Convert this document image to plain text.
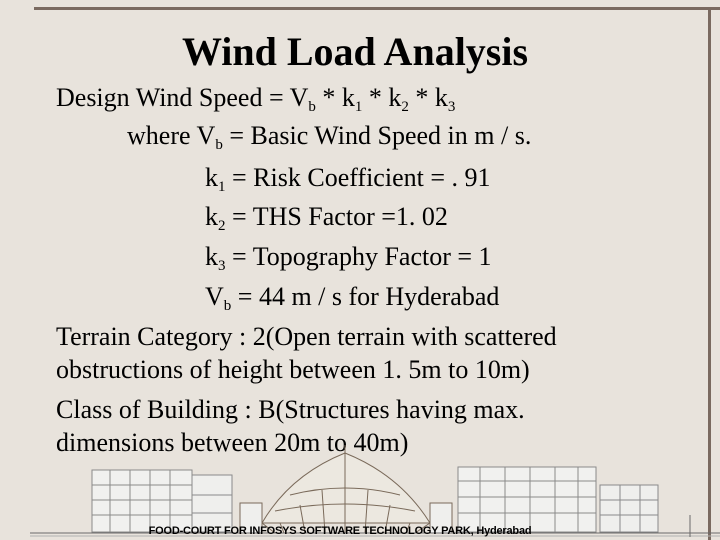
Wind Load Analysis
Design Wind Speed = $V_b * k_1 * k_2 * k_3$
where $V_b$ = Basic Wind Speed in m / s.
$k_1$ = Risk Coefficient = . 91
$k_2$ = THS Factor =1. 02
$k_3$ = Topography Factor = 1
$V_b = 44$ m / s for Hyderabad
Terrain Category : 2(Open terrain with scattered
obstructions of height between 1. 5m to 10m)
Class of Building : B(Structures having max.
dimensions between 20m to 40m)
FOOD-COURT FOR INFOSYS SOFTWARE TECHNOLOGY PARK, Hyderabad
